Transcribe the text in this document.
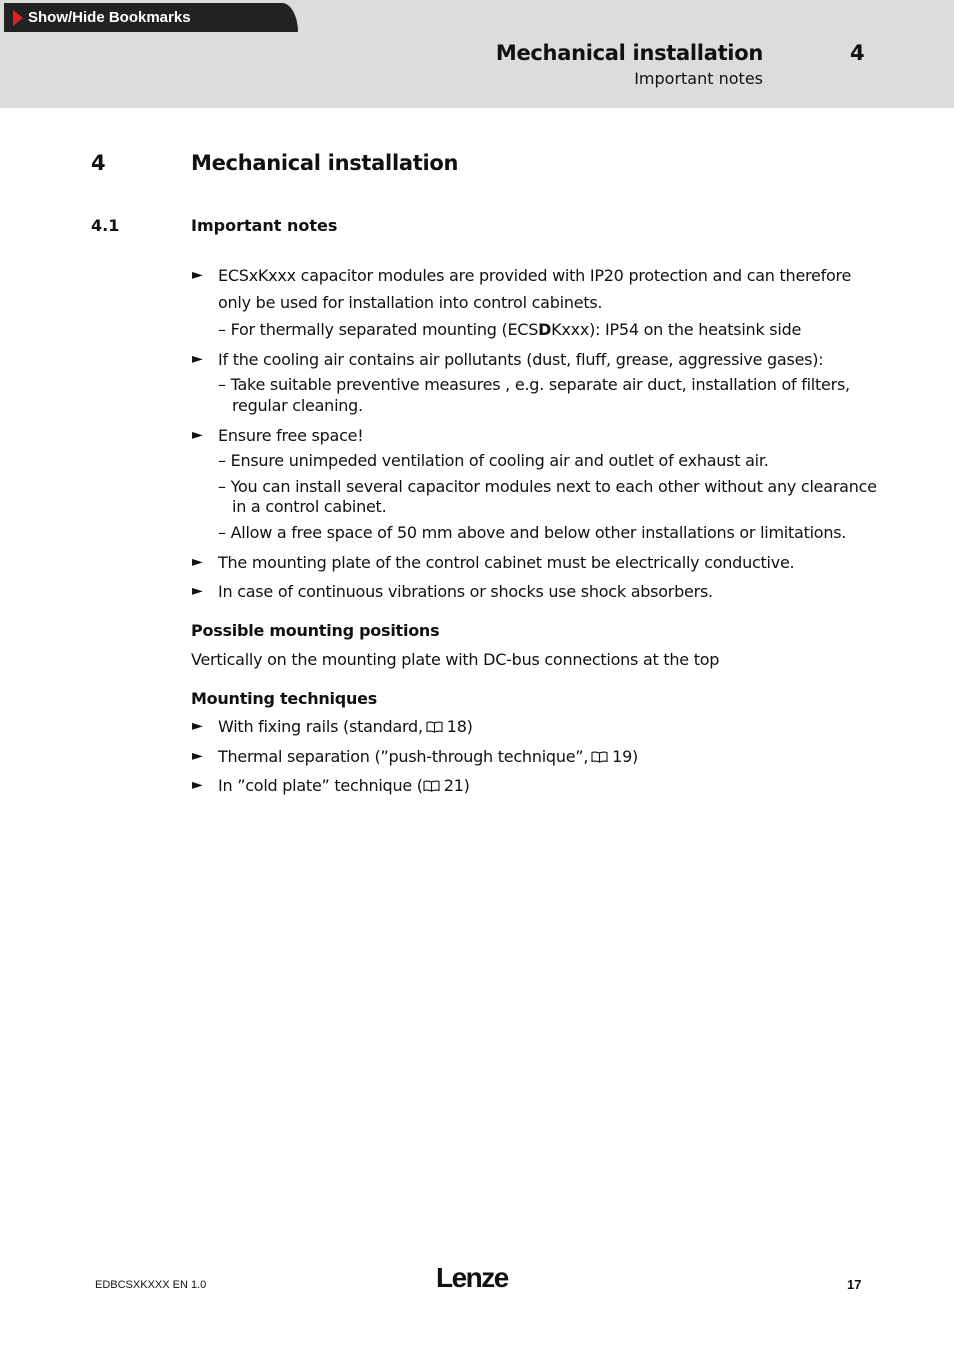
Show/Hide Bookmarks
Mechanical installation	4
Important notes
4	Mechanical installation
4.1	Important notes
► ECSxKxxx capacitor modules are provided with IP20 protection and can therefore
only be used for installation into control cabinets.
– For thermally separated mounting (ECSDKxxx): IP54 on the heatsink side
► If the cooling air contains air pollutants (dust, fluff, grease, aggressive gases):
– Take suitable preventive measures , e.g. separate air duct, installation of filters,
regular cleaning.
► Ensure free space!
– Ensure unimpeded ventilation of cooling air and outlet of exhaust air.
– You can install several capacitor modules next to each other without any clearance
in a control cabinet.
– Allow a free space of 50 mm above and below other installations or limitations.
► The mounting plate of the control cabinet must be electrically conductive.
► In case of continuous vibrations or shocks use shock absorbers.
Possible mounting positions
Vertically on the mounting plate with DC-bus connections at the top
Mounting techniques
► With fixing rails (standard, 18)
► Thermal separation (”push-through technique”, 19)
► In ”cold plate” technique ( 21)
EDBCSXKXXX EN 1.0	Lenze	17
